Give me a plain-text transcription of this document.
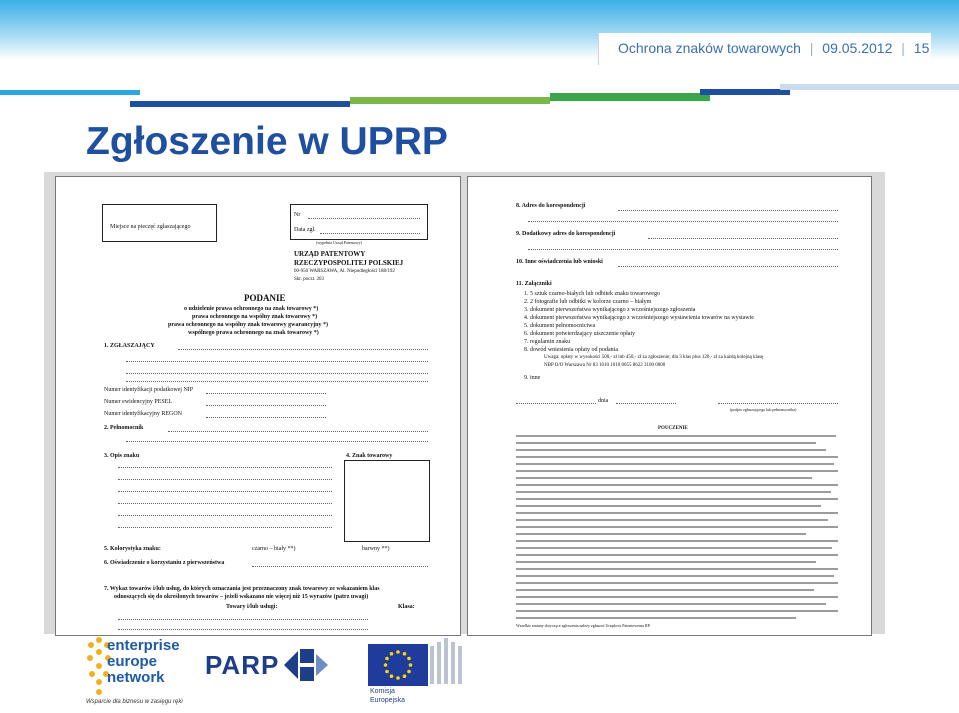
Ochrona znaków towarowych | 09.05.2012 | 15
Zgłoszenie w UPRP
Miejsce na pieczęć zgłaszającego
Nr
Data zgł.
(wypełnia Urząd Patentowy)
URZĄD PATENTOWY
RZECZYPOSPOLITEJ POLSKIEJ
00-950 WARSZAWA, Al. Niepodległości 188/192
Skr. poczt. 203
PODANIE
o udzielenie prawa ochronnego na znak towarowy *)
prawa ochronnego na wspólny znak towarowy *)
prawa ochronnego na wspólny znak towarowy gwarancyjny *)
wspólnego prawa ochronnego na znak towarowy *)
1. ZGŁASZAJĄCY
Numer identyfikacji podatkowej NIP
Numer ewidencyjny PESEL
Numer identyfikacyjny REGON
2. Pełnomocnik
3. Opis znaku	4. Znak towarowy
5. Kolorystyka znaku:	czarno – biały **)	barwny **)
6. Oświadczenie o korzystaniu z pierwszeństwa
7. Wykaz towarów i/lub usług, do których oznaczania jest przeznaczony znak towarowy ze wskazaniem klas
odnoszących się do określonych towarów – jeżeli wskazano nie więcej niż 15 wyrazów (patrz uwagi)
Towary i/lub usługi:	Klasa:
8. Adres do korespondencji
9. Dodatkowy adres do korespondencji
10. Inne oświadczenia lub wnioski
11. Załączniki
1. 5 sztuk czarno-białych lub odbitek znaku towarowego
2. 2 fotografie lub odbitki w kolorze czarno – białym
3. dokument pierwszeństwa wynikającego z wcześniejszego zgłoszenia
4. dokument pierwszeństwa wynikającego z wcześniejszego wystawienia towarów na wystawie
5. dokument pełnomocnictwa
6. dokument potwierdzający uiszczenie opłaty
7. regulamin znaku
8. dowód wniesienia opłaty od podania
Uwaga: opłaty w wysokości 500,- zł lub 450,- zł za zgłoszenie; dla 3 klas plus 120,- zł za każdą kolejną klasę
NBP O/O Warszawa Nr 83 1010 1010 0055 8622 3100 0000
9. inne
dnia
(podpis zgłaszającego lub pełnomocnika)
POUCZENIE
Wszelkie zmiany dotyczące zgłoszenia należy zgłaszać Urzędowi Patentowemu RP.
enterprise
europe
network
Wsparcie dla biznesu w zasięgu ręki
PARP
Komisja
Europejska
